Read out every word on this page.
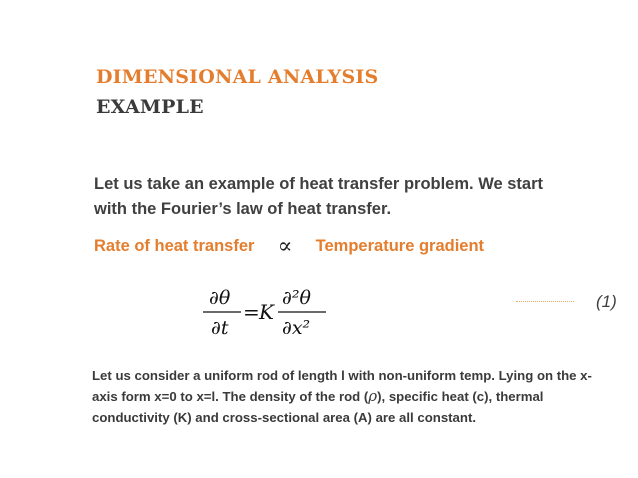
DIMENSIONAL ANALYSIS
EXAMPLE
Let us take an example of heat transfer problem. We start with the Fourier’s law of heat transfer.
Rate of heat transfer ∝ Temperature gradient
∂θ
∂t
= K
∂²θ
∂x²
(1)
Let us consider a uniform rod of length l with non-uniform temp. Lying on the x-axis form x=0 to x=l. The density of the rod (ρ), specific heat (c), thermal conductivity (K) and cross-sectional area (A) are all constant.
